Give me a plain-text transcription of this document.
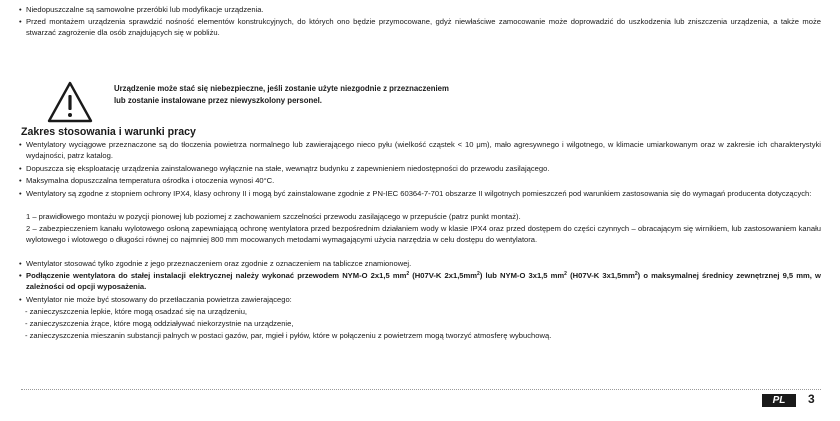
• Niedopuszczalne są samowolne przeróbki lub modyfikacje urządzenia.

• Przed montażem urządzenia sprawdzić nośność elementów konstrukcyjnych, do których ono będzie przymocowane, gdyż niewłaściwe zamocowanie może doprowadzić do uszkodzenia lub zniszczenia urządzenia, a także może stwarzać zagrożenie dla osób znajdujących się w pobliżu.

Urządzenie może stać się niebezpieczne, jeśli zostanie użyte niezgodnie z przeznaczeniem
lub zostanie instalowane przez niewyszkolony personel.
Zakres stosowania i warunki pracy

• Wentylatory wyciągowe przeznaczone są do tłoczenia powietrza normalnego lub zawierającego nieco pyłu (wielkość cząstek < 10 μm), mało agresywnego i wilgotnego, w klimacie umiarkowanym oraz w zakresie ich charakterystyki wydajności, patrz katalog.

• Dopuszcza się eksploatację urządzenia zainstalowanego wyłącznie na stałe, wewnątrz budynku z zapewnieniem niedostępności do przewodu zasilającego.

• Maksymalna dopuszczalna temperatura ośrodka i otoczenia wynosi 40°C.

• Wentylatory są zgodne z stopniem ochrony IPX4, klasy ochrony II i mogą być zainstalowane zgodnie z PN-IEC 60364-7-701 obszarze II wilgotnych pomieszczeń pod warunkiem zastosowania się do wymagań producenta dotyczących:

1 – prawidłowego montażu w pozycji pionowej lub poziomej z zachowaniem szczelności przewodu zasilającego w przepuście (patrz punkt montaż).

2 – zabezpieczeniem kanału wylotowego osłoną zapewniającą ochronę wentylatora przed bezpośrednim działaniem wody w klasie IPX4 oraz przed dostępem do części czynnych – obracającym się wirnikiem, lub zastosowaniem kanału wylotowego i wlotowego o długości równej co najmniej 800 mm mocowanych metodami wymagającymi użycia narzędzia w celu dostępu do wentylatora.

• Wentylator stosować tylko zgodnie z jego przeznaczeniem oraz zgodnie z oznaczeniem na tabliczce znamionowej.

• Podłączenie wentylatora do stałej instalacji elektrycznej należy wykonać przewodem NYM-O 2x1,5 $mm^2$ (H07V-K $2x1,5mm^2$) lub NYM-O 3x1,5 $mm^2$ (H07V-K $3x1,5mm^2$) o maksymalnej średnicy zewnętrznej 9,5 mm, w zależności od opcji wyposażenia.

• Wentylator nie może być stosowany do przetłaczania powietrza zawierającego:

- zanieczyszczenia lepkie, które mogą osadzać się na urządzeniu,

- zanieczyszczenia żrące, które mogą oddziaływać niekorzystnie na urządzenie,

- zanieczyszczenia mieszanin substancji palnych w postaci gazów, par, mgieł i pyłów, które w połączeniu z powietrzem mogą tworzyć atmosferę wybuchową.

PL	3
